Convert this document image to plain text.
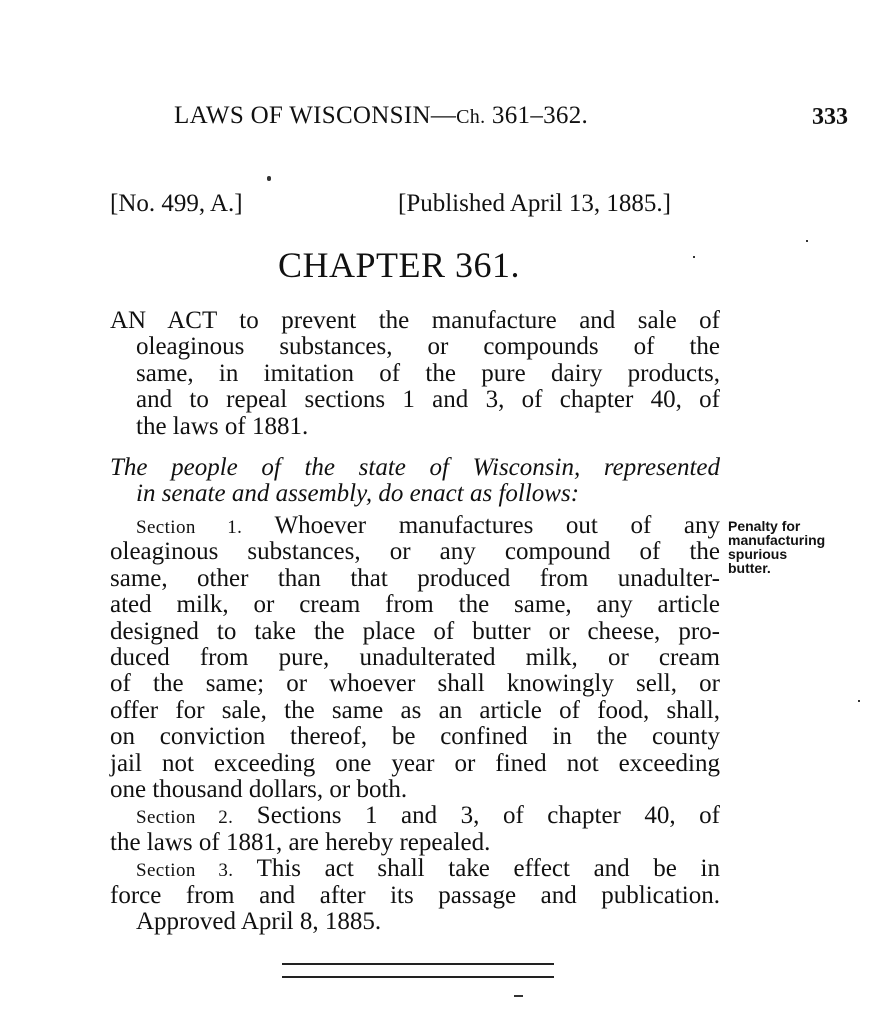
LAWS OF WISCONSIN—Ch. 361–362.	333
[No. 499, A.]	[Published April 13, 1885.]
CHAPTER 361.
AN ACT to prevent the manufacture and sale of
oleaginous substances, or compounds of the
same, in imitation of the pure dairy products,
and to repeal sections 1 and 3, of chapter 40, of
the laws of 1881.
The people of the state of Wisconsin, represented
in senate and assembly, do enact as follows:
Section 1. Whoever manufactures out of any
oleaginous substances, or any compound of the
same, other than that produced from unadulter-
ated milk, or cream from the same, any article
designed to take the place of butter or cheese, pro-
duced from pure, unadulterated milk, or cream
of the same; or whoever shall knowingly sell, or
offer for sale, the same as an article of food, shall,
on conviction thereof, be confined in the county
jail not exceeding one year or fined not exceeding
one thousand dollars, or both.
Section 2. Sections 1 and 3, of chapter 40, of
the laws of 1881, are hereby repealed.
Section 3. This act shall take effect and be in
force from and after its passage and publication.
Approved April 8, 1885.
Penalty for
manufacturing
spurious
butter.
